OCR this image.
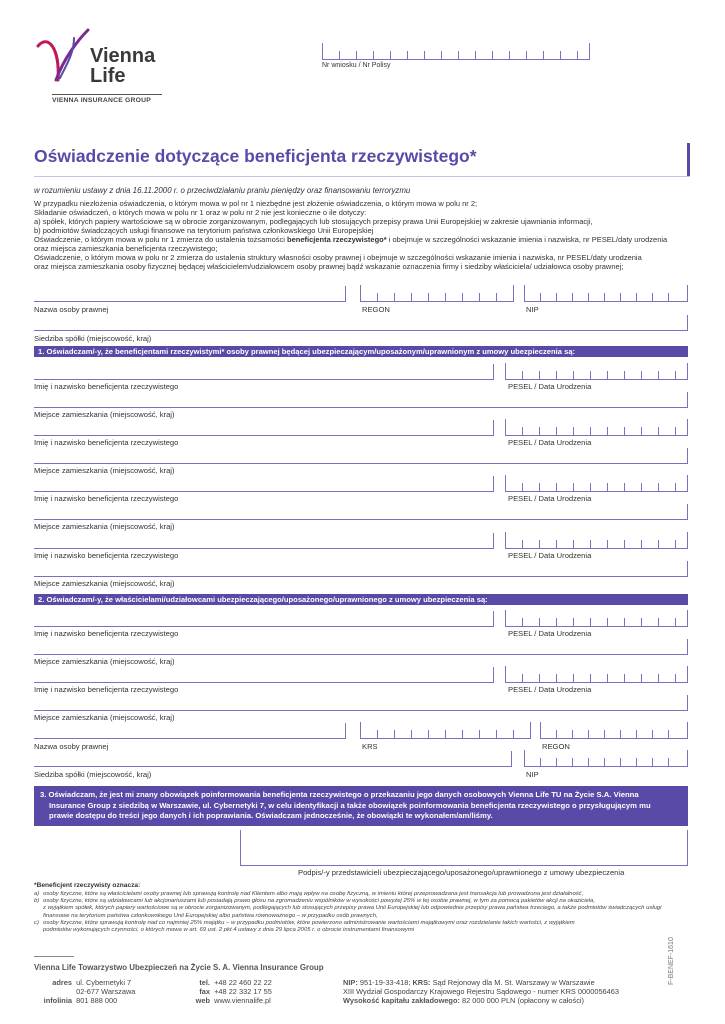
Vienna
Life
VIENNA INSURANCE GROUP
Nr wniosku / Nr Polisy
Oświadczenie dotyczące beneficjenta rzeczywistego*
w rozumieniu ustawy z dnia 16.11.2000 r. o przeciwdziałaniu praniu pieniędzy oraz finansowaniu terroryzmu
W przypadku niezłożenia oświadczenia, o którym mowa w pol nr 1 niezbędne jest złożenie oświadczenia, o którym mowa w polu nr 2;
Składanie oświadczeń, o których mowa w polu nr 1 oraz w polu nr 2 nie jest konieczne o ile dotyczy:
a) spółek, których papiery wartościowe są w obrocie zorganizowanym, podlegających lub stosujących przepisy prawa Unii Europejskiej w zakresie ujawniania informacji,
b) podmiotów świadczących usługi finansowe na terytorium państwa członkowskiego Unii Europejskiej
Oświadczenie, o którym mowa w polu nr 1 zmierza do ustalenia tożsamości beneficjenta rzeczywistego* i obejmuje w szczególności wskazanie imienia i nazwiska, nr PESEL/daty urodzenia
oraz miejsca zamieszkania beneficjenta rzeczywistego;
Oświadczenie, o którym mowa w polu nr 2 zmierza do ustalenia struktury własności osoby prawnej i obejmuje w szczególności wskazanie imienia i nazwiska, nr PESEL/daty urodzenia
oraz miejsca zamieszkania osoby fizycznej będącej właścicielem/udziałowcem osoby prawnej bądź wskazanie oznaczenia firmy i siedziby właściciela/ udziałowca osoby prawnej;
Nazwa osoby prawnej	REGON	NIP
Siedziba spółki (miejscowość, kraj)
1. Oświadczam/-y, że beneficjentami rzeczywistymi* osoby prawnej będącej ubezpieczającym/uposażonym/uprawnionym z umowy ubezpieczenia są:
Imię i nazwisko beneficjenta rzeczywistego	PESEL / Data Urodzenia
Miejsce zamieszkania (miejscowość, kraj)
Imię i nazwisko beneficjenta rzeczywistego	PESEL / Data Urodzenia
Miejsce zamieszkania (miejscowość, kraj)
Imię i nazwisko beneficjenta rzeczywistego	PESEL / Data Urodzenia
Miejsce zamieszkania (miejscowość, kraj)
Imię i nazwisko beneficjenta rzeczywistego	PESEL / Data Urodzenia
Miejsce zamieszkania (miejscowość, kraj)
2. Oświadczam/-y, że właścicielami/udziałowcami ubezpieczającego/uposażonego/uprawnionego z umowy ubezpieczenia są:
Imię i nazwisko beneficjenta rzeczywistego	PESEL / Data Urodzenia
Miejsce zamieszkania (miejscowość, kraj)
Imię i nazwisko beneficjenta rzeczywistego	PESEL / Data Urodzenia
Miejsce zamieszkania (miejscowość, kraj)
Nazwa osoby prawnej	KRS	REGON
Siedziba spółki (miejscowość, kraj)	NIP
3. Oświadczam, że jest mi znany obowiązek poinformowania beneficjenta rzeczywistego o przekazaniu jego danych osobowych Vienna Life TU na Życie S.A. Vienna
Insurance Group z siedzibą w Warszawie, ul. Cybernetyki 7, w celu identyfikacji a także obowiązek poinformowania beneficjenta rzeczywistego o przysługującym mu
prawie dostępu do treści jego danych i ich poprawiania. Oświadczam jednocześnie, że obowiązki te wykonałem/am/liśmy.
Podpis/-y przedstawicieli ubezpieczającego/uposażonego/uprawnionego z umowy ubezpieczenia
*Beneficjent rzeczywisty oznacza:
a) osoby fizyczne, które są właścicielami osoby prawnej lub sprawują kontrolę nad Klientem albo mają wpływ na osobę fizyczną, w imieniu której przeprowadzana jest transakcja lub prowadzona jest działalność,
b) osoby fizyczne, które są udziałowcami lub akcjonariuszami lub posiadają prawo głosu na zgromadzeniu wspólników w wysokości powyżej 25% w tej osobie prawnej, w tym za pomocą pakietów akcji na okaziciela,
z wyjątkiem spółek, których papiery wartościowe są w obrocie zorganizowanym, podlegających lub stosujących przepisy prawa Unii Europejskiej lub odpowiednie przepisy prawa państwa trzeciego, a także podmiotów świadczących usługi
finansowe na terytorium państwa członkowskiego Unii Europejskiej albo państwa równoważnego – w przypadku osób prawnych,
c) osoby fizyczne, które sprawują kontrolę nad co najmniej 25% majątku – w przypadku podmiotów, które powierzono administrowanie wartościami majątkowymi oraz rozdzielanie takich wartości, z wyjątkiem
podmiotów wykonujących czynności, o których mowa w art. 69 ust. 2 pkt 4 ustawy z dnia 29 lipca 2005 r. o obrocie instrumentami finansowymi
Vienna Life Towarzystwo Ubezpieczeń na Życie S. A. Vienna Insurance Group
adres ul. Cybernetyki 7
02-677 Warszawa
infolinia 801 888 000
tel. +48 22 460 22 22
fax +48 22 332 17 55
web www.viennalife.pl
NIP: 951-19-33-418; KRS: Sąd Rejonowy dla M. St. Warszawy w Warszawie
XIII Wydział Gospodarczy Krajowego Rejestru Sądowego - numer KRS 0000056463
Wysokość kapitału zakładowego: 82 000 000 PLN (opłacony w całości)
F-BENEF-1610
